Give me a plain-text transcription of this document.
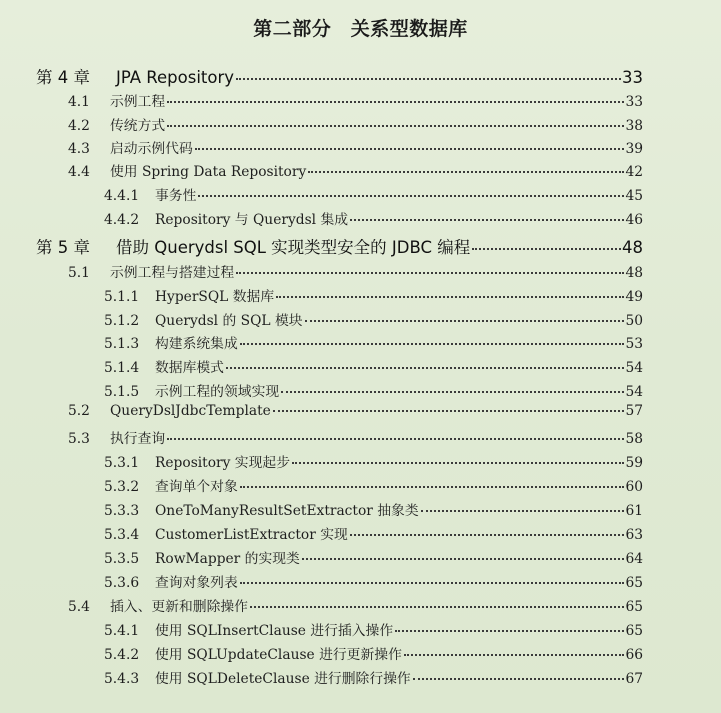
第二部分　关系型数据库
第 4 章	JPA Repository	33
4.1	示例工程	33
4.2	传统方式	38
4.3	启动示例代码	39
4.4	使用 Spring Data Repository	42
4.4.1	事务性	45
4.4.2	Repository 与 Querydsl 集成	46
第 5 章	借助 Querydsl SQL 实现类型安全的 JDBC 编程	48
5.1	示例工程与搭建过程	48
5.1.1	HyperSQL 数据库	49
5.1.2	Querydsl 的 SQL 模块	50
5.1.3	构建系统集成	53
5.1.4	数据库模式	54
5.1.5	示例工程的领域实现	54
5.2	QueryDslJdbcTemplate	57
5.3	执行查询	58
5.3.1	Repository 实现起步	59
5.3.2	查询单个对象	60
5.3.3	OneToManyResultSetExtractor 抽象类	61
5.3.4	CustomerListExtractor 实现	63
5.3.5	RowMapper 的实现类	64
5.3.6	查询对象列表	65
5.4	插入、更新和删除操作	65
5.4.1	使用 SQLInsertClause 进行插入操作	65
5.4.2	使用 SQLUpdateClause 进行更新操作	66
5.4.3	使用 SQLDeleteClause 进行删除行操作	67
